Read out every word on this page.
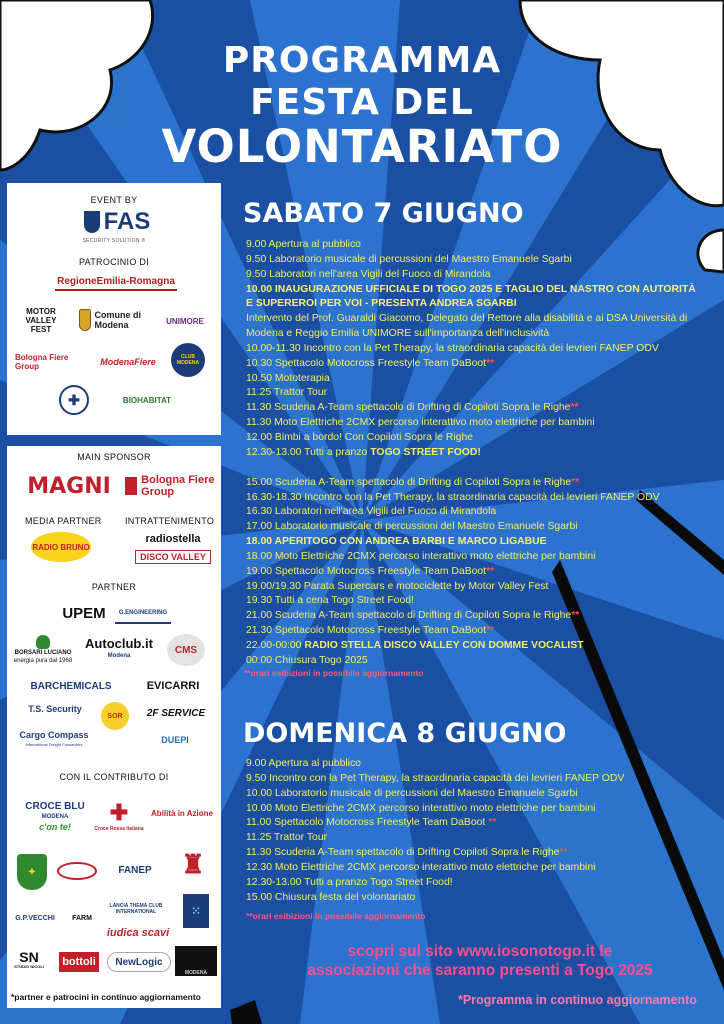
PROGRAMMA
FESTA DEL
VOLONTARIATO
EVENT BY
FAS
SECURITY SOLUTION ®
PATROCINIO DI
RegioneEmilia-Romagna
MOTOR VALLEY FEST
Comune di Modena	UNIMORE
Bologna Fiere Group	ModenaFiere	CLUB MODENA
✚	BIOHABITAT
MAIN SPONSOR
MAGNI	Bologna Fiere Group
MEDIA PARTNER	INTRATTENIMENTO
RADIO BRUNO
radiostella
DISCO VALLEY
PARTNER
UPEM	G.ENGINEERING
BORSARI LUCIANO
energia pura dal 1968
Autoclub.it
Modena
CMS
BARCHEMICALS	EVICARRI
T.S. Security
SOR	2F SERVICE
Cargo Compass
International Freight Forwarders	DUEPI
CON IL CONTRIBUTO DI
CROCE BLU
MODENA
c'on te!
✚
Croce Rossa Italiana
Abilità in Azione
✦	FANEP	♜
G.P.VECCHI	FARM
LANCIA THEMA CLUB INTERNATIONAL
iudica scavi
⁙
SN
STUDIO NICOLI bottoli	NewLogic
MODENA
*partner e patrocini in continuo aggiornamento
SABATO 7 GIUGNO
9.00 Apertura al pubblico
9.50 Laboratorio musicale di percussioni del Maestro Emanuele Sgarbi
9.50 Laboratori nell'area Vigili del Fuoco di Mirandola
10.00 INAUGURAZIONE UFFICIALE DI TOGO 2025 E TAGLIO DEL NASTRO CON AUTORITÀ
E SUPEREROI PER VOI - PRESENTA ANDREA SGARBI
Intervento del Prof. Guaraldi Giacomo, Delegato del Rettore alla disabilità e ai DSA Università di
Modena e Reggio Emilia UNIMORE sull'importanza dell'inclusività
10.00-11.30 Incontro con la Pet Therapy, la straordinaria capacità dei levrieri FANEP ODV
10.30 Spettacolo Motocross Freestyle Team DaBoot**
10.50 Mototerapia
11.25 Trattor Tour
11.30 Scuderia A-Team spettacolo di Drifting di Copiloti Sopra le Righe**
11.30 Moto Elettriche 2CMX percorso interattivo moto elettriche per bambini
12.00 Bimbi a bordo! Con Copiloti Sopra le Righe
12.30-13.00 Tutti a pranzo TOGO STREET FOOD!
15.00 Scuderia A-Team spettacolo di Drifting di Copiloti Sopra le Righe**
16.30-18.30 Incontro con la Pet Therapy, la straordinaria capacità dei levrieri FANEP ODV
16.30 Laboratori nell'area Vigili del Fuoco di Mirandola
17.00 Laboratorio musicale di percussioni del Maestro Emanuele Sgarbi
18.00 APERITOGO CON ANDREA BARBI E MARCO LIGABUE
18.00 Moto Elettriche 2CMX percorso interattivo moto elettriche per bambini
19.00 Spettacolo Motocross Freestyle Team DaBoot**
19.00/19.30 Parata Supercars e motociclette by Motor Valley Fest
19.30 Tutti a cena Togo Street Food!
21.00 Scuderia A-Team spettacolo di Drifting di Copiloti Sopra le Righe**
21.30 Spettacolo Motocross Freestyle Team DaBoot**
22.00-00:00 RADIO STELLA DISCO VALLEY CON DOMME VOCALIST
00:00 Chiusura Togo 2025
**orari esibizioni in possibile aggiornamento
DOMENICA 8 GIUGNO
9.00 Apertura al pubblico
9.50 Incontro con la Pet Therapy, la straordinaria capacità dei levrieri FANEP ODV
10.00 Laboratorio musicale di percussioni del Maestro Emanuele Sgarbi
10.00 Moto Elettriche 2CMX percorso interattivo moto elettriche per bambini
11.00 Spettacolo Motocross Freestyle Team DaBoot **
11.25 Trattor Tour
11.30 Scuderia A-Team spettacolo di Drifting Copiloti Sopra le Righe**
12.30 Moto Elettriche 2CMX percorso interattivo moto elettriche per bambini
12.30-13.00 Tutti a pranzo Togo Street Food!
15.00 Chiusura festa del volontariato
**orari esibizioni in possibile aggiornamento
scopri sul sito www.iosonotogo.it le
associazioni che saranno presenti a Togo 2025
*Programma in continuo aggiornamento
